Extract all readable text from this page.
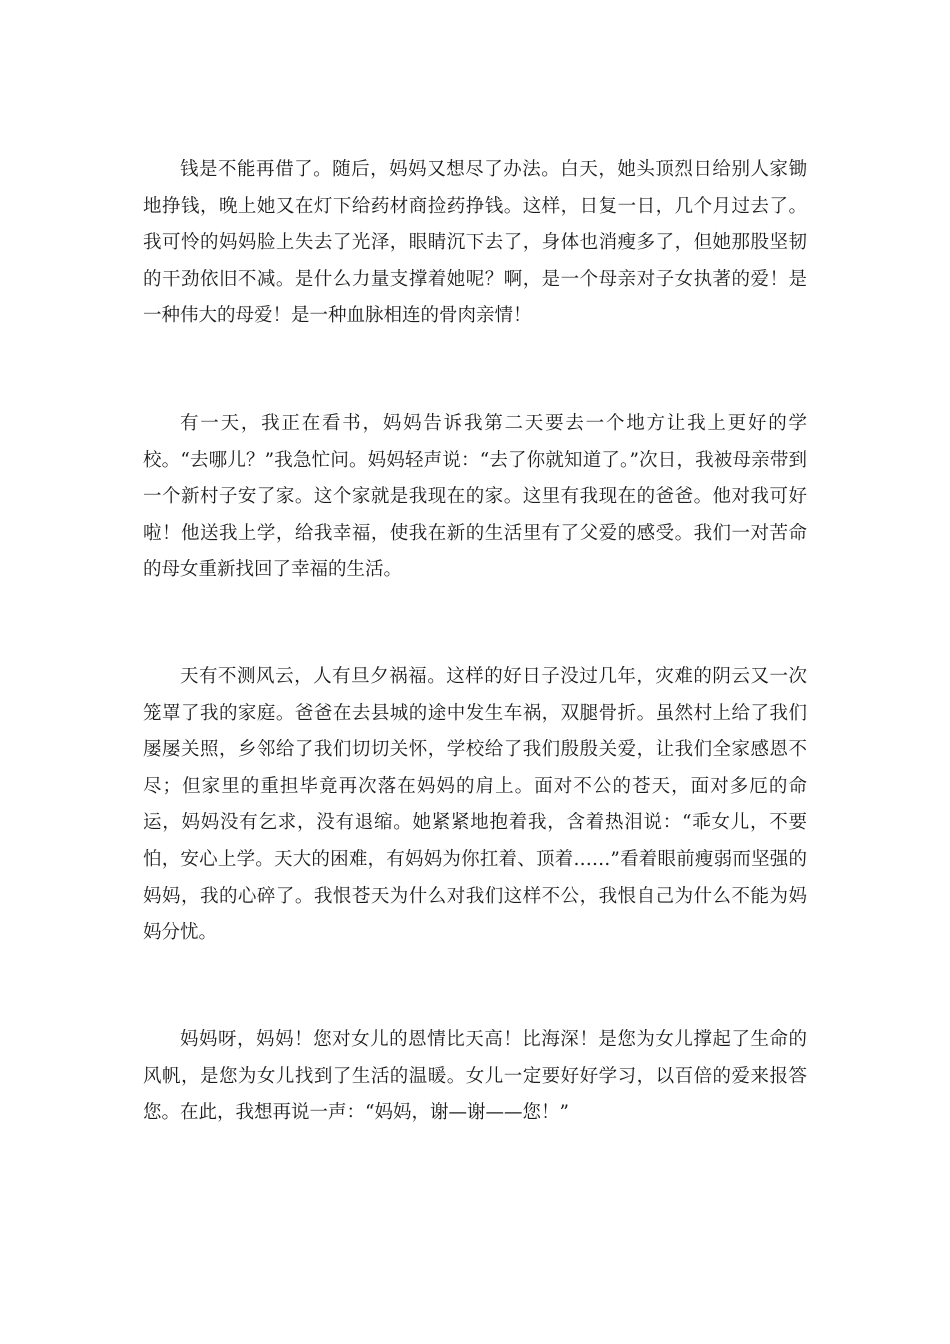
钱是不能再借了。随后，妈妈又想尽了办法。白天，她头顶烈日给别人家锄地挣钱，晚上她又在灯下给药材商捡药挣钱。这样，日复一日，几个月过去了。我可怜的妈妈脸上失去了光泽，眼睛沉下去了，身体也消瘦多了，但她那股坚韧的干劲依旧不减。是什么力量支撑着她呢？啊，是一个母亲对子女执著的爱！是一种伟大的母爱！是一种血脉相连的骨肉亲情！

有一天，我正在看书，妈妈告诉我第二天要去一个地方让我上更好的学校。“去哪儿？”我急忙问。妈妈轻声说：“去了你就知道了。”次日，我被母亲带到一个新村子安了家。这个家就是我现在的家。这里有我现在的爸爸。他对我可好啦！他送我上学，给我幸福，使我在新的生活里有了父爱的感受。我们一对苦命的母女重新找回了幸福的生活。

天有不测风云，人有旦夕祸福。这样的好日子没过几年，灾难的阴云又一次笼罩了我的家庭。爸爸在去县城的途中发生车祸，双腿骨折。虽然村上给了我们屡屡关照，乡邻给了我们切切关怀，学校给了我们殷殷关爱，让我们全家感恩不尽；但家里的重担毕竟再次落在妈妈的肩上。面对不公的苍天，面对多厄的命运，妈妈没有乞求，没有退缩。她紧紧地抱着我，含着热泪说：“乖女儿，不要怕，安心上学。天大的困难，有妈妈为你扛着、顶着……”看着眼前瘦弱而坚强的妈妈，我的心碎了。我恨苍天为什么对我们这样不公，我恨自己为什么不能为妈妈分忧。

妈妈呀，妈妈！您对女儿的恩情比天高！比海深！是您为女儿撑起了生命的风帆，是您为女儿找到了生活的温暖。女儿一定要好好学习，以百倍的爱来报答您。在此，我想再说一声：“妈妈，谢—谢——您！”
